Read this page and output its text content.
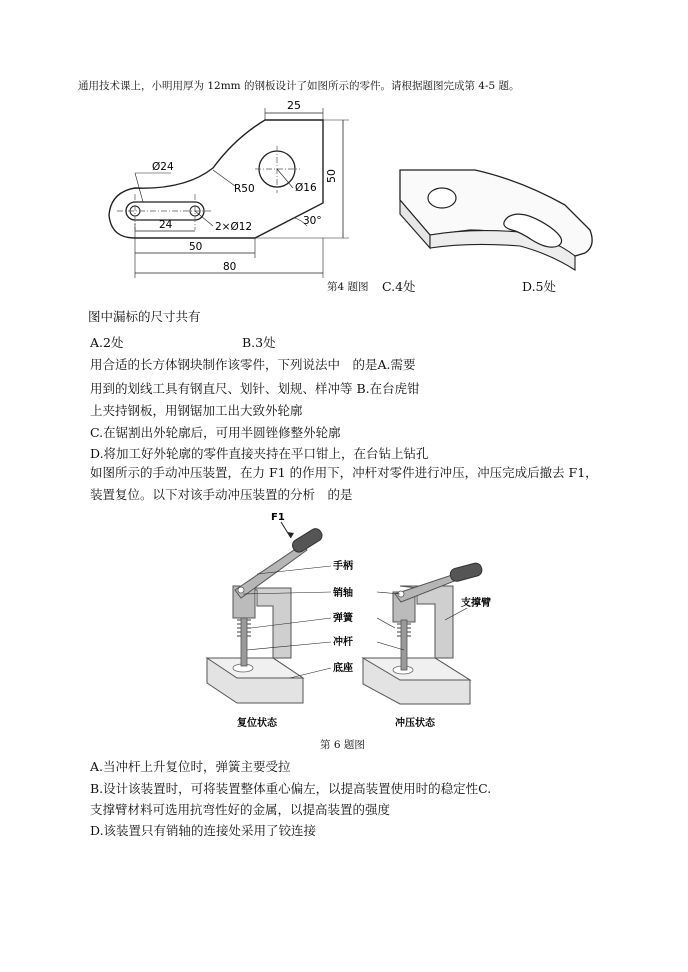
通用技术课上，小明用厚为 12mm 的钢板设计了如图所示的零件。请根据题图完成第 4-5 题。
25
50
Ø24
R50	Ø16
2×Ø12	30°
24
50
80
第4 题图 C.4处	D.5处
图中漏标的尺寸共有
A.2处	B.3处
用合适的长方体钢块制作该零件，下列说法中　 的是A.需要
用到的划线工具有钢直尺、划针、划规、样冲等 B.在台虎钳
上夹持钢板，用钢锯加工出大致外轮廓
C.在锯割出外轮廓后，可用半圆锉修整外轮廓
D.将加工好外轮廓的零件直接夹持在平口钳上，在台钻上钻孔
如图所示的手动冲压装置，在力 F1 的作用下，冲杆对零件进行冲压，冲压完成后撤去 F1，
装置复位。以下对该手动冲压装置的分析　 的是
F1
手柄
销轴
弹簧
冲杆
底座
支撑臂
复位状态	冲压状态
第 6 题图
A.当冲杆上升复位时，弹簧主要受拉
B.设计该装置时，可将装置整体重心偏左，以提高装置使用时的稳定性C.
支撑臂材料可选用抗弯性好的金属，以提高装置的强度
D.该装置只有销轴的连接处采用了铰连接
